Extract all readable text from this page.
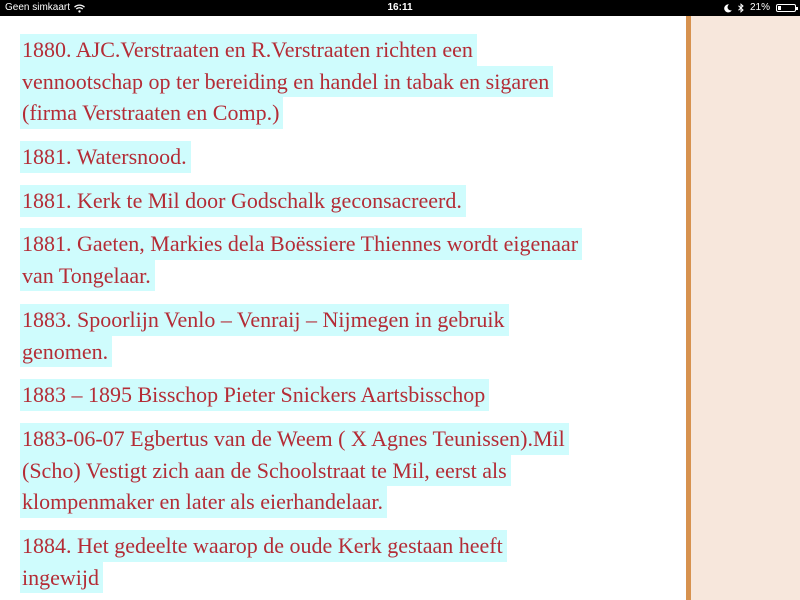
1880. AJC.Verstraaten en R.Verstraaten richten een
vennootschap op ter bereiding en handel in tabak en sigaren
(firma Verstraaten en Comp.)
1881. Watersnood.
1881. Kerk te Mil door Godschalk geconsacreerd.
1881. Gaeten, Markies dela Boëssiere Thiennes wordt eigenaar
van Tongelaar.
1883. Spoorlijn Venlo – Venraij – Nijmegen in gebruik
genomen.
1883 – 1895 Bisschop Pieter Snickers Aartsbisschop
1883-06-07 Egbertus van de Weem ( X Agnes Teunissen).Mil
(Scho) Vestigt zich aan de Schoolstraat te Mil, eerst als
klompenmaker en later als eierhandelaar.
1884. Het gedeelte waarop de oude Kerk gestaan heeft
ingewijd
Geen simkaart	16:11	21%
